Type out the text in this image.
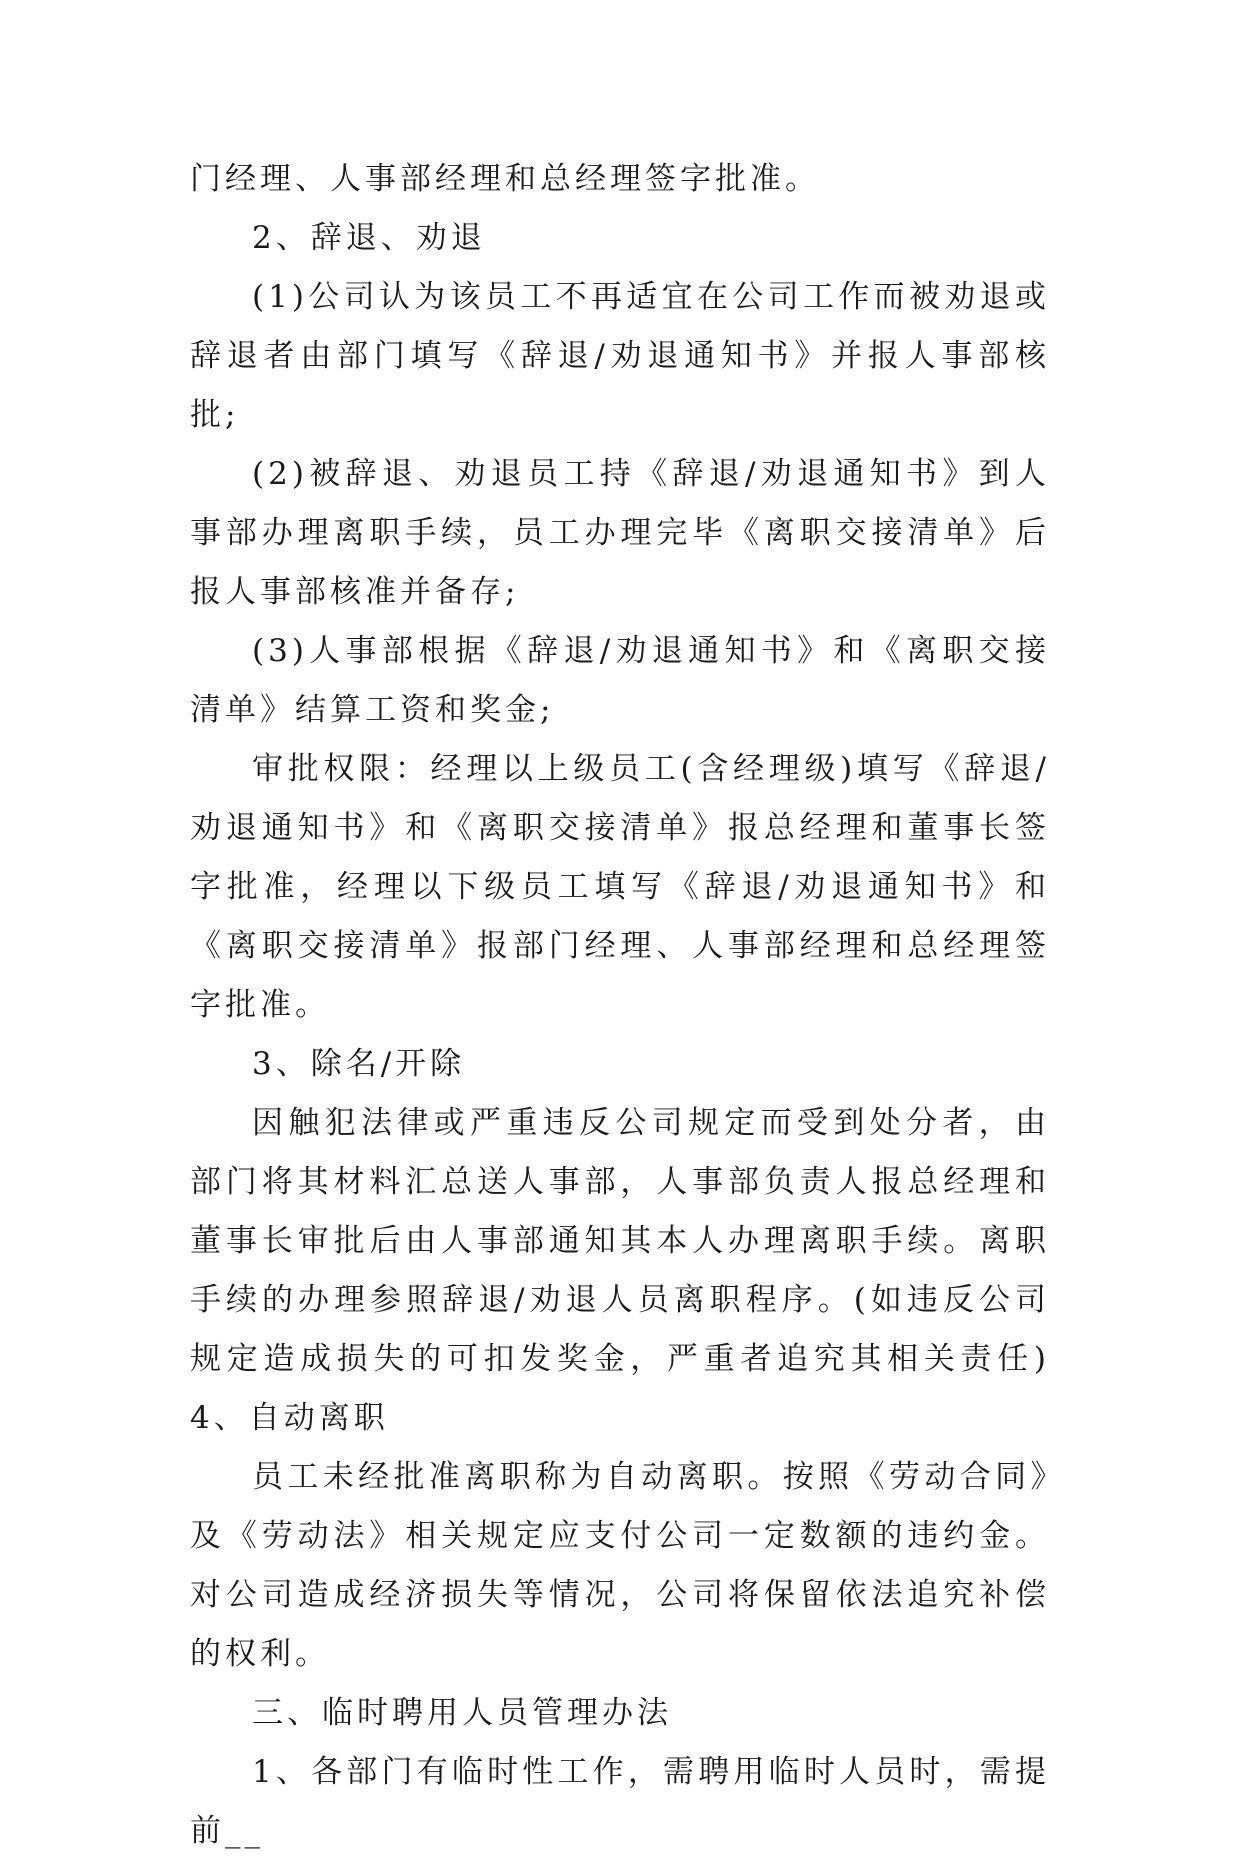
门经理、人事部经理和总经理签字批准。

2、辞退、劝退

(1)公司认为该员工不再适宜在公司工作而被劝退或辞退者由部门填写《辞退/劝退通知书》并报人事部核批;

(2)被辞退、劝退员工持《辞退/劝退通知书》到人事部办理离职手续，员工办理完毕《离职交接清单》后报人事部核准并备存;

(3)人事部根据《辞退/劝退通知书》和《离职交接清单》结算工资和奖金;

审批权限：经理以上级员工(含经理级)填写《辞退/劝退通知书》和《离职交接清单》报总经理和董事长签字批准，经理以下级员工填写《辞退/劝退通知书》和《离职交接清单》报部门经理、人事部经理和总经理签字批准。

3、除名/开除

因触犯法律或严重违反公司规定而受到处分者，由部门将其材料汇总送人事部，人事部负责人报总经理和董事长审批后由人事部通知其本人办理离职手续。离职手续的办理参照辞退/劝退人员离职程序。(如违反公司规定造成损失的可扣发奖金，严重者追究其相关责任) 4、自动离职

员工未经批准离职称为自动离职。按照《劳动合同》及《劳动法》相关规定应支付公司一定数额的违约金。对公司造成经济损失等情况，公司将保留依法追究补偿的权利。

三、临时聘用人员管理办法

1、各部门有临时性工作，需聘用临时人员时，需提前__
